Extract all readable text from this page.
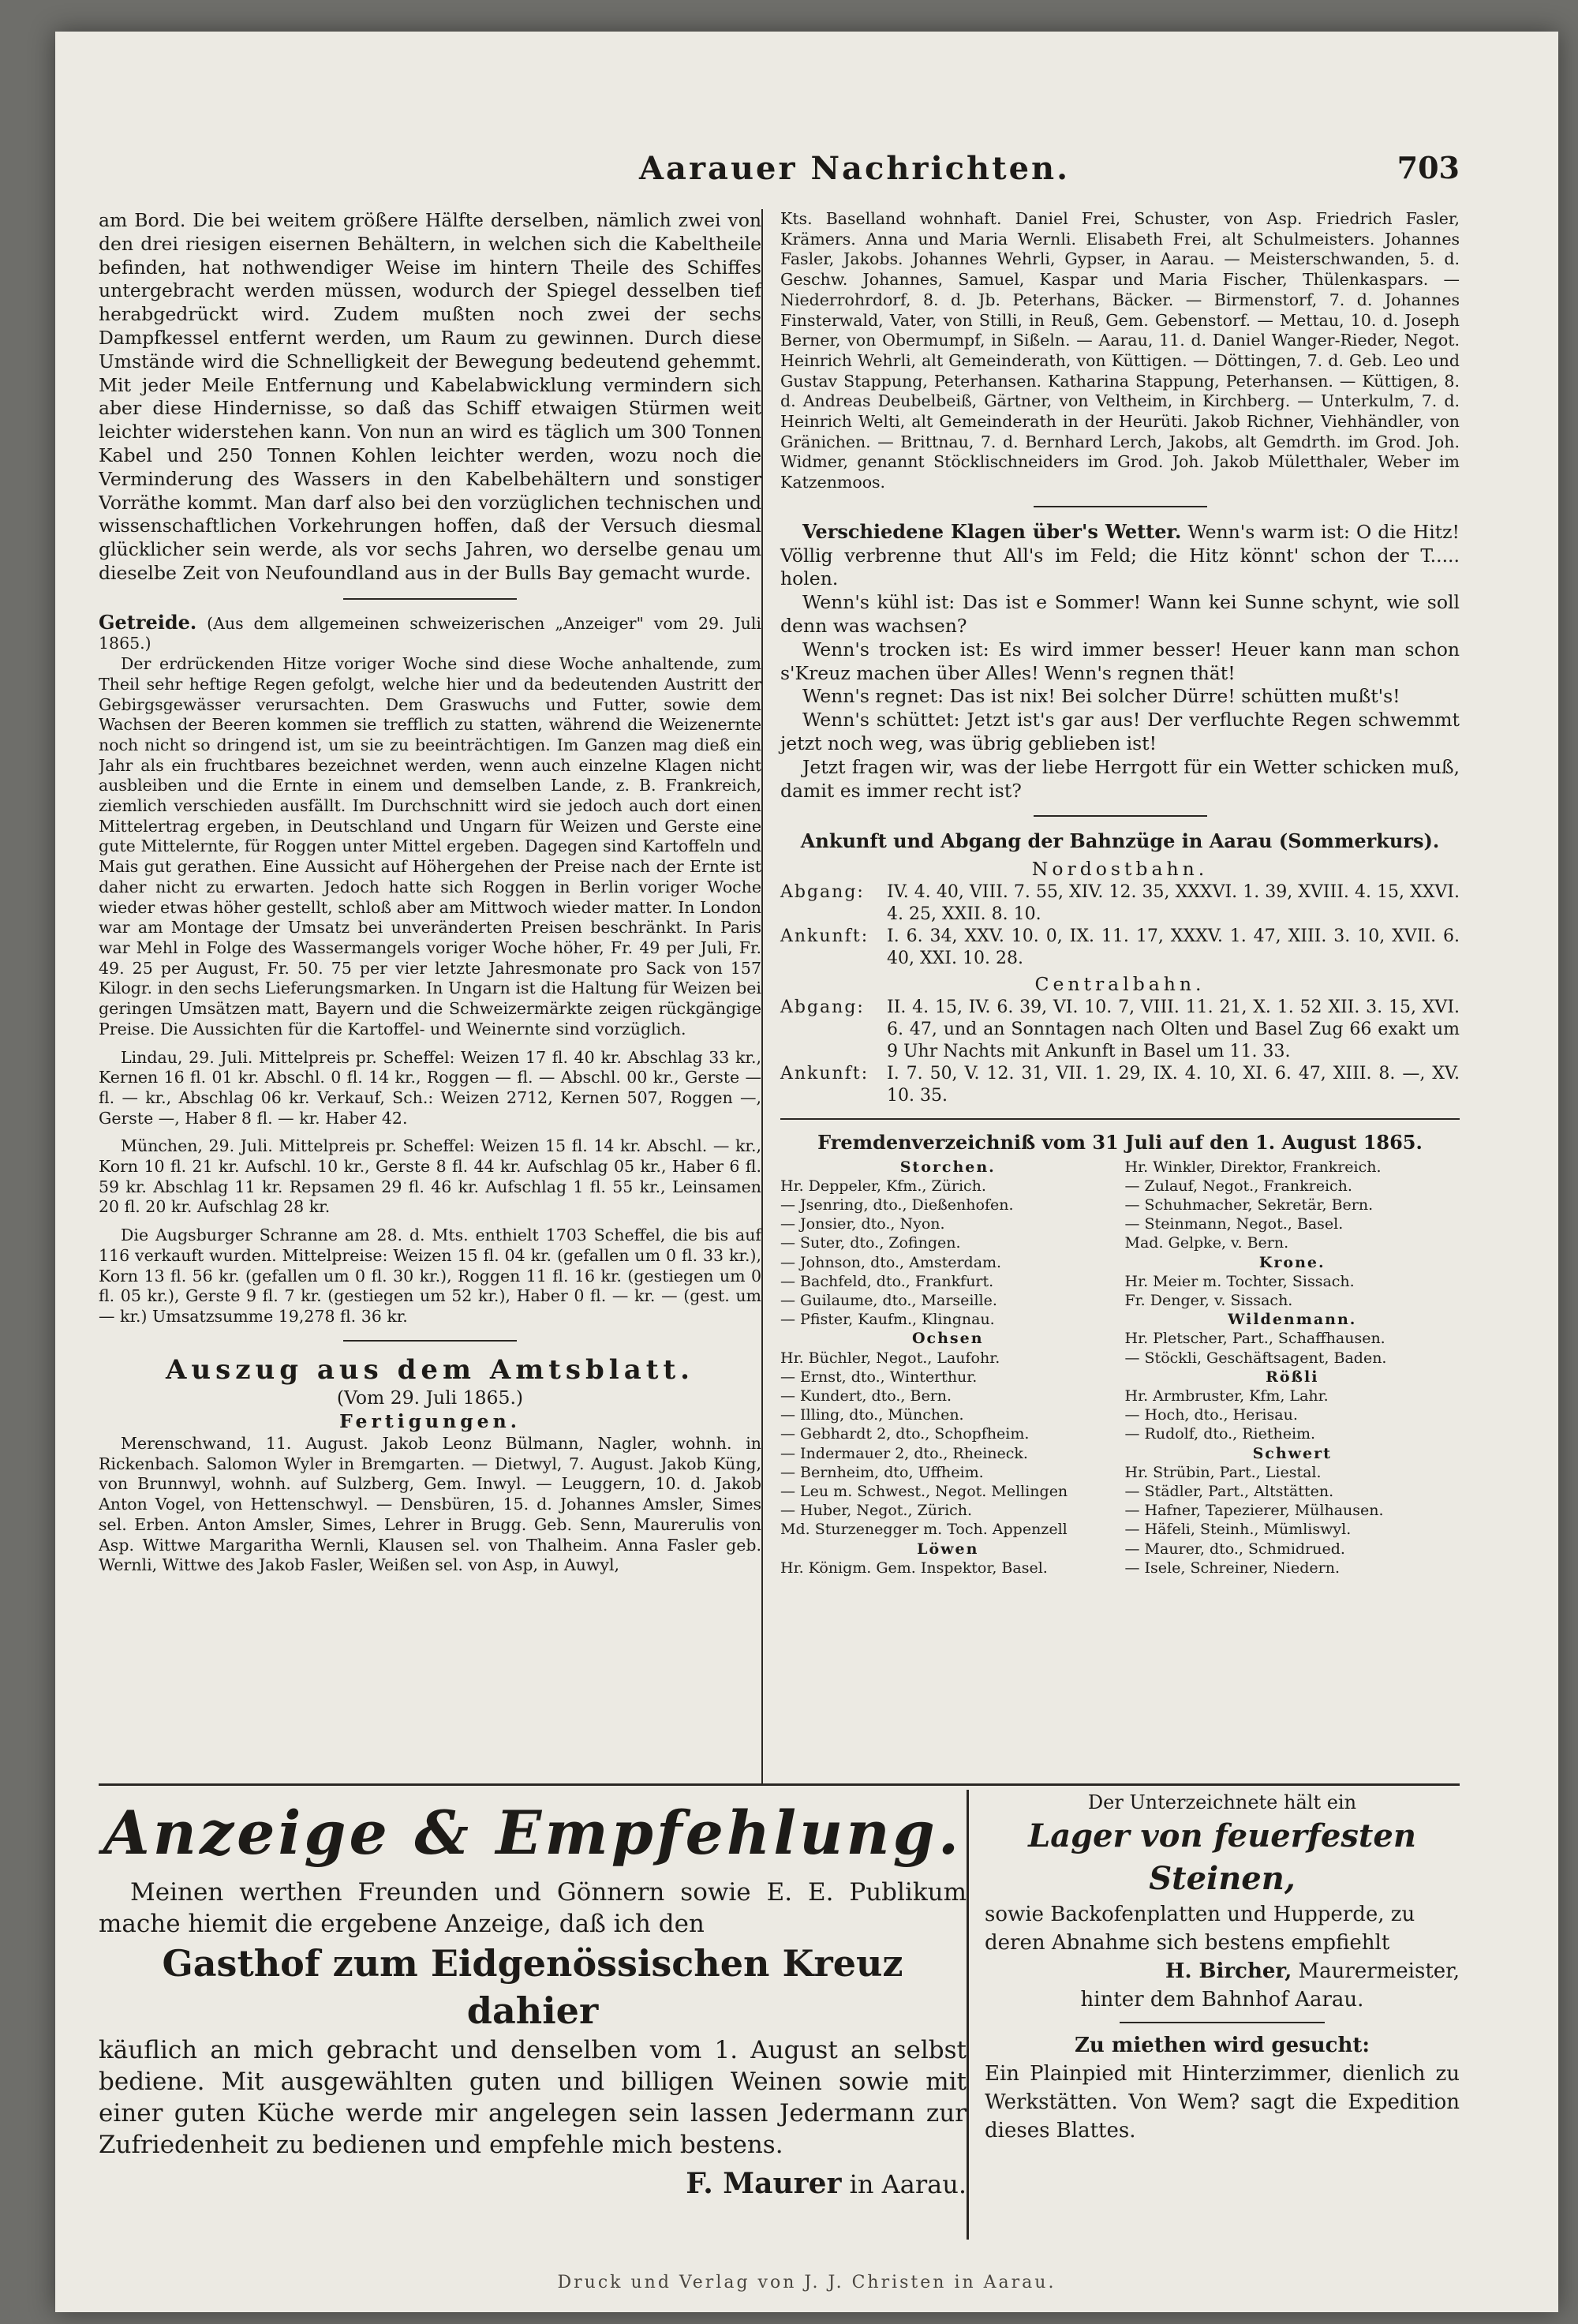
Aarauer Nachrichten.	703

am Bord. Die bei weitem größere Hälfte derselben, nämlich zwei von den drei riesigen eisernen Behältern, in welchen sich die Kabeltheile befinden, hat nothwendiger Weise im hintern Theile des Schiffes untergebracht werden müssen, wodurch der Spiegel desselben tief herabgedrückt wird. Zudem mußten noch zwei der sechs Dampfkessel entfernt werden, um Raum zu gewinnen. Durch diese Umstände wird die Schnelligkeit der Bewegung bedeutend gehemmt. Mit jeder Meile Entfernung und Kabelabwicklung vermindern sich aber diese Hindernisse, so daß das Schiff etwaigen Stürmen weit leichter widerstehen kann. Von nun an wird es täglich um 300 Tonnen Kabel und 250 Tonnen Kohlen leichter werden, wozu noch die Verminderung des Wassers in den Kabelbehältern und sonstiger Vorräthe kommt. Man darf also bei den vorzüglichen technischen und wissenschaftlichen Vorkehrungen hoffen, daß der Versuch diesmal glücklicher sein werde, als vor sechs Jahren, wo derselbe genau um dieselbe Zeit von Neufoundland aus in der Bulls Bay gemacht wurde.

Getreide. (Aus dem allgemeinen schweizerischen „Anzeiger" vom 29. Juli 1865.)

Der erdrückenden Hitze voriger Woche sind diese Woche anhaltende, zum Theil sehr heftige Regen gefolgt, welche hier und da bedeutenden Austritt der Gebirgsgewässer verursachten. Dem Graswuchs und Futter, sowie dem Wachsen der Beeren kommen sie trefflich zu statten, während die Weizenernte noch nicht so dringend ist, um sie zu beeinträchtigen. Im Ganzen mag dieß ein Jahr als ein fruchtbares bezeichnet werden, wenn auch einzelne Klagen nicht ausbleiben und die Ernte in einem und demselben Lande, z. B. Frankreich, ziemlich verschieden ausfällt. Im Durchschnitt wird sie jedoch auch dort einen Mittelertrag ergeben, in Deutschland und Ungarn für Weizen und Gerste eine gute Mittelernte, für Roggen unter Mittel ergeben. Dagegen sind Kartoffeln und Mais gut gerathen. Eine Aussicht auf Höhergehen der Preise nach der Ernte ist daher nicht zu erwarten. Jedoch hatte sich Roggen in Berlin voriger Woche wieder etwas höher gestellt, schloß aber am Mittwoch wieder matter. In London war am Montage der Umsatz bei unveränderten Preisen beschränkt. In Paris war Mehl in Folge des Wassermangels voriger Woche höher, Fr. 49 per Juli, Fr. 49. 25 per August, Fr. 50. 75 per vier letzte Jahresmonate pro Sack von 157 Kilogr. in den sechs Lieferungsmarken. In Ungarn ist die Haltung für Weizen bei geringen Umsätzen matt, Bayern und die Schweizermärkte zeigen rückgängige Preise. Die Aussichten für die Kartoffel- und Weinernte sind vorzüglich.

Lindau, 29. Juli. Mittelpreis pr. Scheffel: Weizen 17 fl. 40 kr. Abschlag 33 kr., Kernen 16 fl. 01 kr. Abschl. 0 fl. 14 kr., Roggen — fl. — Abschl. 00 kr., Gerste — fl. — kr., Abschlag 06 kr. Verkauf, Sch.: Weizen 2712, Kernen 507, Roggen —, Gerste —, Haber 8 fl. — kr. Haber 42.

München, 29. Juli. Mittelpreis pr. Scheffel: Weizen 15 fl. 14 kr. Abschl. — kr., Korn 10 fl. 21 kr. Aufschl. 10 kr., Gerste 8 fl. 44 kr. Aufschlag 05 kr., Haber 6 fl. 59 kr. Abschlag 11 kr. Repsamen 29 fl. 46 kr. Aufschlag 1 fl. 55 kr., Leinsamen 20 fl. 20 kr. Aufschlag 28 kr.

Die Augsburger Schranne am 28. d. Mts. enthielt 1703 Scheffel, die bis auf 116 verkauft wurden. Mittelpreise: Weizen 15 fl. 04 kr. (gefallen um 0 fl. 33 kr.), Korn 13 fl. 56 kr. (gefallen um 0 fl. 30 kr.), Roggen 11 fl. 16 kr. (gestiegen um 0 fl. 05 kr.), Gerste 9 fl. 7 kr. (gestiegen um 52 kr.), Haber 0 fl. — kr. — (gest. um — kr.) Umsatzsumme 19,278 fl. 36 kr.

Auszug aus dem Amtsblatt.
(Vom 29. Juli 1865.)
Fertigungen.

Merenschwand, 11. August. Jakob Leonz Bülmann, Nagler, wohnh. in Rickenbach. Salomon Wyler in Bremgarten. — Dietwyl, 7. August. Jakob Küng, von Brunnwyl, wohnh. auf Sulzberg, Gem. Inwyl. — Leuggern, 10. d. Jakob Anton Vogel, von Hettenschwyl. — Densbüren, 15. d. Johannes Amsler, Simes sel. Erben. Anton Amsler, Simes, Lehrer in Brugg. Geb. Senn, Maurerulis von Asp. Wittwe Margaritha Wernli, Klausen sel. von Thalheim. Anna Fasler geb. Wernli, Wittwe des Jakob Fasler, Weißen sel. von Asp, in Auwyl,

Kts. Baselland wohnhaft. Daniel Frei, Schuster, von Asp. Friedrich Fasler, Krämers. Anna und Maria Wernli. Elisabeth Frei, alt Schulmeisters. Johannes Fasler, Jakobs. Johannes Wehrli, Gypser, in Aarau. — Meisterschwanden, 5. d. Geschw. Johannes, Samuel, Kaspar und Maria Fischer, Thülenkaspars. — Niederrohrdorf, 8. d. Jb. Peterhans, Bäcker. — Birmenstorf, 7. d. Johannes Finsterwald, Vater, von Stilli, in Reuß, Gem. Gebenstorf. — Mettau, 10. d. Joseph Berner, von Obermumpf, in Sißeln. — Aarau, 11. d. Daniel Wanger-Rieder, Negot. Heinrich Wehrli, alt Gemeinderath, von Küttigen. — Döttingen, 7. d. Geb. Leo und Gustav Stappung, Peterhansen. Katharina Stappung, Peterhansen. — Küttigen, 8. d. Andreas Deubelbeiß, Gärtner, von Veltheim, in Kirchberg. — Unterkulm, 7. d. Heinrich Welti, alt Gemeinderath in der Heurüti. Jakob Richner, Viehhändler, von Gränichen. — Brittnau, 7. d. Bernhard Lerch, Jakobs, alt Gemdrth. im Grod. Joh. Widmer, genannt Stöcklischneiders im Grod. Joh. Jakob Mületthaler, Weber im Katzenmoos.

Verschiedene Klagen über's Wetter. Wenn's warm ist: O die Hitz! Völlig verbrenne thut All's im Feld; die Hitz könnt' schon der T..... holen.

Wenn's kühl ist: Das ist e Sommer! Wann kei Sunne schynt, wie soll denn was wachsen?

Wenn's trocken ist: Es wird immer besser! Heuer kann man schon s'Kreuz machen über Alles! Wenn's regnen thät!

Wenn's regnet: Das ist nix! Bei solcher Dürre! schütten mußt's!

Wenn's schüttet: Jetzt ist's gar aus! Der verfluchte Regen schwemmt jetzt noch weg, was übrig geblieben ist!

Jetzt fragen wir, was der liebe Herrgott für ein Wetter schicken muß, damit es immer recht ist?

Ankunft und Abgang der Bahnzüge in Aarau (Sommerkurs).
Nordostbahn.
Abgang:	IV. 4. 40, VIII. 7. 55, XIV. 12. 35, XXXVI. 1. 39, XVIII. 4. 15, XXVI. 4. 25, XXII. 8. 10.
Ankunft:	I. 6. 34, XXV. 10. 0, IX. 11. 17, XXXV. 1. 47, XIII. 3. 10, XVII. 6. 40, XXI. 10. 28.
Centralbahn.
Abgang:	II. 4. 15, IV. 6. 39, VI. 10. 7, VIII. 11. 21, X. 1. 52 XII. 3. 15, XVI. 6. 47, und an Sonntagen nach Olten und Basel Zug 66 exakt um 9 Uhr Nachts mit Ankunft in Basel um 11. 33.
Ankunft:	I. 7. 50, V. 12. 31, VII. 1. 29, IX. 4. 10, XI. 6. 47, XIII. 8. —, XV. 10. 35.
Fremdenverzeichniß vom 31 Juli auf den 1. August 1865.
Storchen.
Hr. Deppeler, Kfm., Zürich.
— Jsenring, dto., Dießenhofen.
— Jonsier, dto., Nyon.
— Suter, dto., Zofingen.
— Johnson, dto., Amsterdam.
— Bachfeld, dto., Frankfurt.
— Guilaume, dto., Marseille.
— Pfister, Kaufm., Klingnau.
Ochsen
Hr. Büchler, Negot., Laufohr.
— Ernst, dto., Winterthur.
— Kundert, dto., Bern.
— Illing, dto., München.
— Gebhardt 2, dto., Schopfheim.
— Indermauer 2, dto., Rheineck.
— Bernheim, dto, Uffheim.
— Leu m. Schwest., Negot. Mellingen
— Huber, Negot., Zürich.
Md. Sturzenegger m. Toch. Appenzell
Löwen
Hr. Königm. Gem. Inspektor, Basel.
Hr. Winkler, Direktor, Frankreich.
— Zulauf, Negot., Frankreich.
— Schuhmacher, Sekretär, Bern.
— Steinmann, Negot., Basel.
Mad. Gelpke, v. Bern.
Krone.
Hr. Meier m. Tochter, Sissach.
Fr. Denger, v. Sissach.
Wildenmann.
Hr. Pletscher, Part., Schaffhausen.
— Stöckli, Geschäftsagent, Baden.
Rößli
Hr. Armbruster, Kfm, Lahr.
— Hoch, dto., Herisau.
— Rudolf, dto., Rietheim.
Schwert
Hr. Strübin, Part., Liestal.
— Städler, Part., Altstätten.
— Hafner, Tapezierer, Mülhausen.
— Häfeli, Steinh., Mümliswyl.
— Maurer, dto., Schmidrued.
— Isele, Schreiner, Niedern.
Anzeige & Empfehlung.

Meinen werthen Freunden und Gönnern sowie E. E. Publikum mache hiemit die ergebene Anzeige, daß ich den

Gasthof zum Eidgenössischen Kreuz dahier

käuflich an mich gebracht und denselben vom 1. August an selbst bediene. Mit ausgewählten guten und billigen Weinen sowie mit einer guten Küche werde mir angelegen sein lassen Jedermann zur Zufriedenheit zu bedienen und empfehle mich bestens.

F. Maurer in Aarau.
Der Unterzeichnete hält ein
Lager von feuerfesten Steinen,
sowie Backofenplatten und Hupperde, zu deren Abnahme sich bestens empfiehlt
H. Bircher, Maurermeister,
hinter dem Bahnhof Aarau.
Zu miethen wird gesucht:
Ein Plainpied mit Hinterzimmer, dienlich zu Werkstätten. Von Wem? sagt die Expedition dieses Blattes.
Druck und Verlag von J. J. Christen in Aarau.
